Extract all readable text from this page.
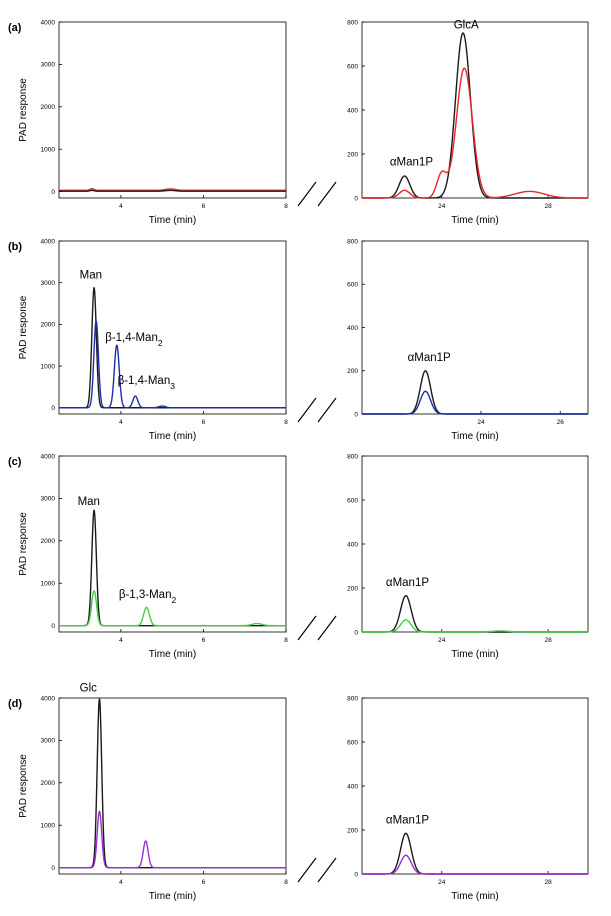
0
1000
2000
3000
4000
4	6	8
Time (min)
PAD response
(a)
0
200
400
600
800
24	28
Time (min)
αMan1P
GlcA
0
1000
2000
3000
4000
4	6	8
Time (min)
PAD response
(b)
Man
β-1,4-Man$_2$
β-1,4-Man$_3$
0
200
400
600
800
24	26
Time (min)
αMan1P
0
1000
2000
3000
4000
4	6	8
Time (min)
PAD response
(c)
Man
β-1,3-Man$_2$
0
200
400
600
800
24	28
Time (min)
αMan1P
0
1000
2000
3000
4000
4	6	8
Time (min)
PAD response
(d)
Glc
0
200
400
600
800
24	28
Time (min)
αMan1P
